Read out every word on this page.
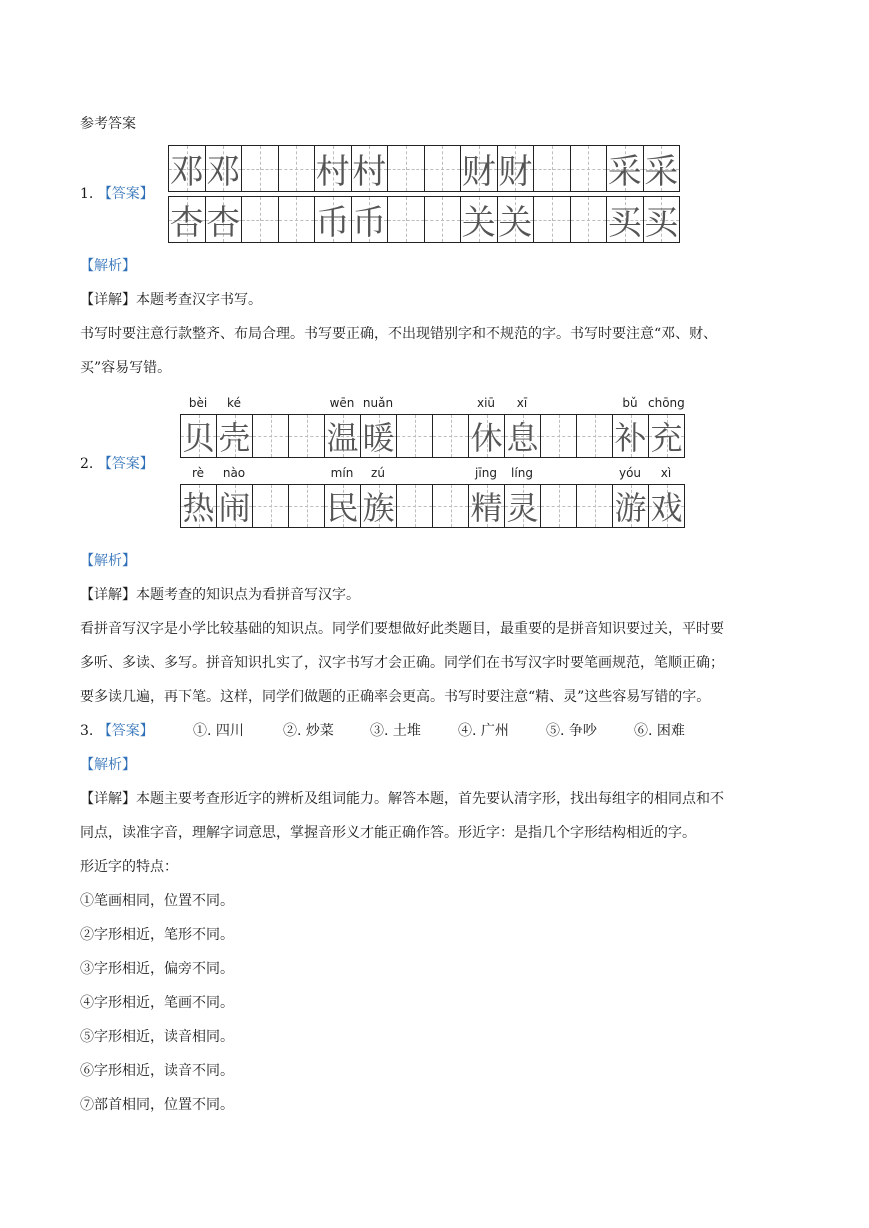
参考答案
1. 【答案】
邓 邓 村 村 财 财 采 采
杏 杏 币 币 关 关 买 买
【解析】
【详解】本题考查汉字书写。
书写时要注意行款整齐、布局合理。书写要正确，不出现错别字和不规范的字。书写时要注意“邓、财、
买”容易写错。
bèi	ké	wēn nuǎn	xiū	xī	bǔ chōng
贝 壳 温 暖 休 息 补 充
2. 【答案】
rè	nào	mín	zú	jīng	líng	yóu	xì
热 闹 民 族 精 灵 游 戏
【解析】
【详解】本题考查的知识点为看拼音写汉字。
看拼音写汉字是小学比较基础的知识点。同学们要想做好此类题目，最重要的是拼音知识要过关，平时要
多听、多读、多写。拼音知识扎实了，汉字书写才会正确。同学们在书写汉字时要笔画规范，笔顺正确；
要多读几遍，再下笔。这样，同学们做题的正确率会更高。书写时要注意“精、灵”这些容易写错的字。
3. 【答案】	①. 四川	②. 炒菜	③. 土堆	④. 广州	⑤. 争吵	⑥. 困难
【解析】
【详解】本题主要考查形近字的辨析及组词能力。解答本题，首先要认清字形，找出每组字的相同点和不
同点，读准字音，理解字词意思，掌握音形义才能正确作答。形近字：是指几个字形结构相近的字。
形近字的特点：
①笔画相同，位置不同。
②字形相近，笔形不同。
③字形相近，偏旁不同。
④字形相近，笔画不同。
⑤字形相近，读音相同。
⑥字形相近，读音不同。
⑦部首相同，位置不同。
